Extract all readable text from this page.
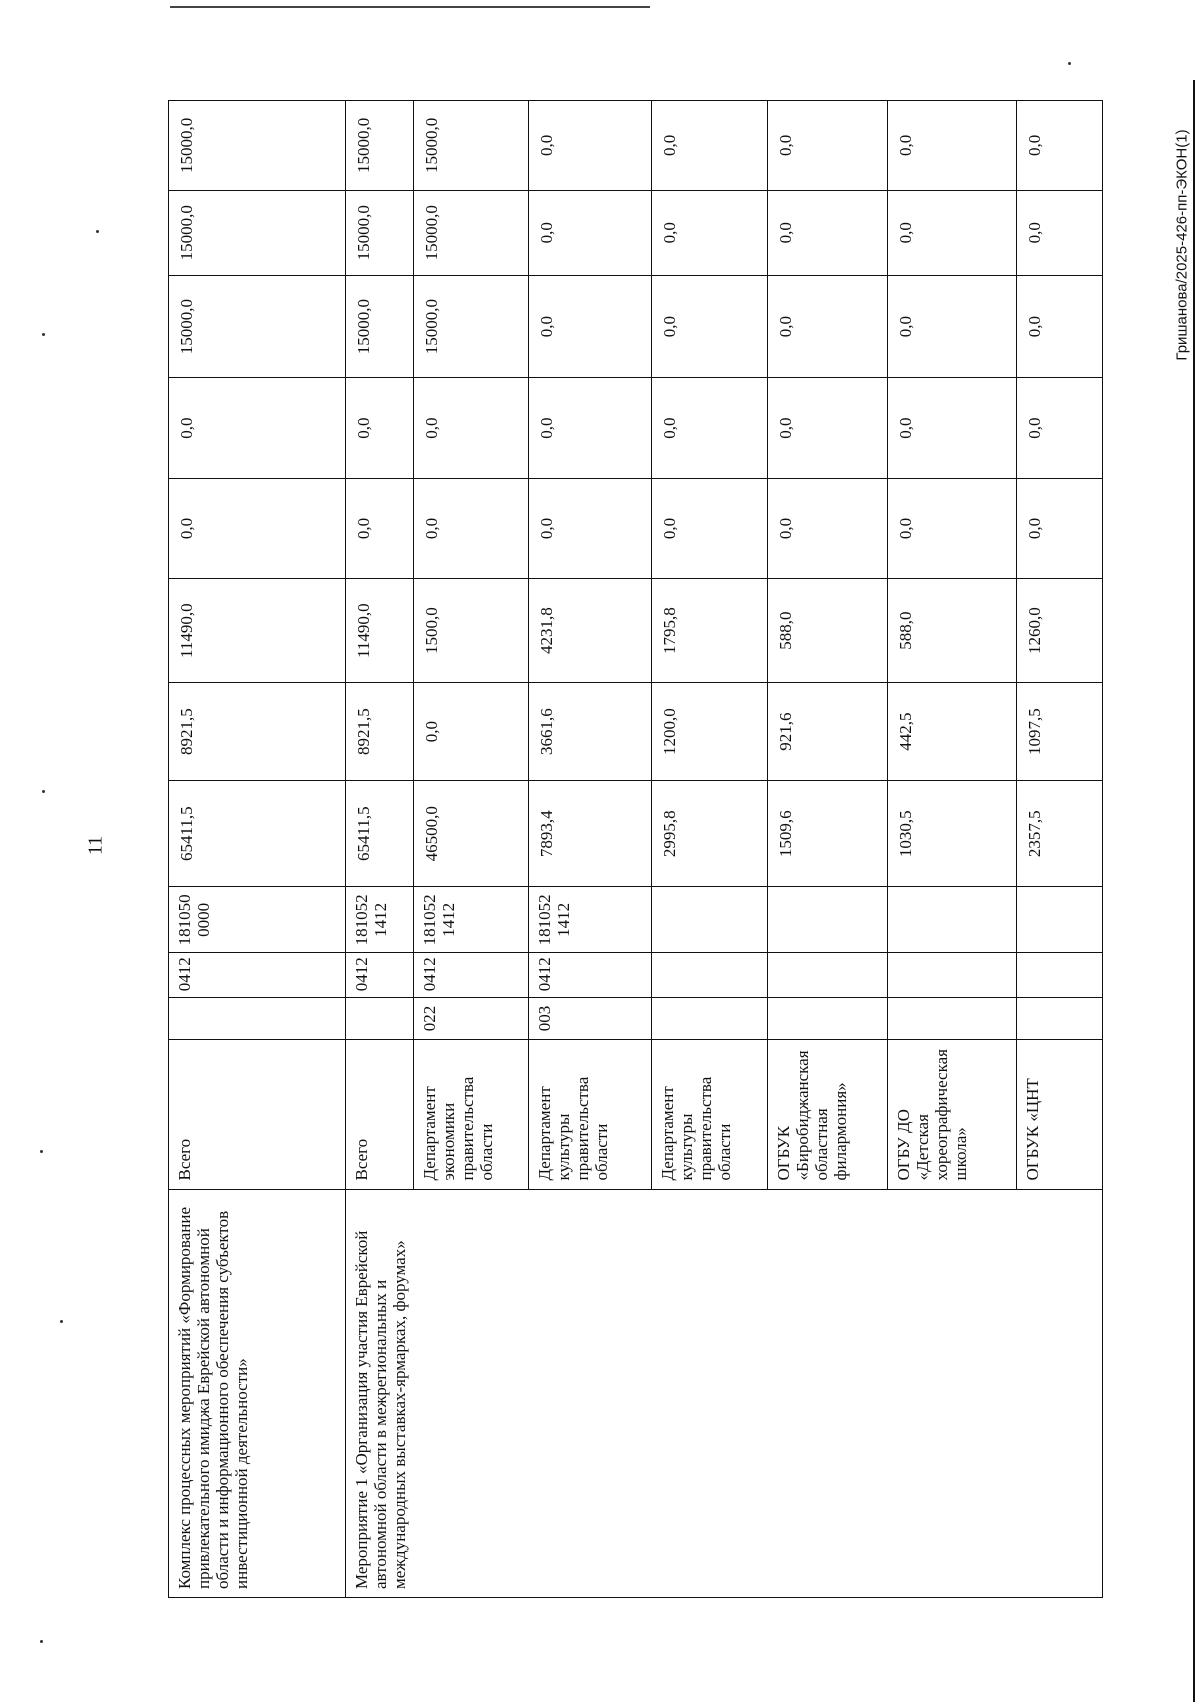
11
Гришанова/2025-426-пп-ЭКОН(1)
Комплекс процессных мероприятий «Формирование привлекательного имиджа Еврейской автономной области и информационного обеспечения субъектов инвестиционной деятельности»	Всего		0412	1810500000	65411,5	8921,5	11490,0	0,0	0,0	15000,0	15000,0	15000,0
Мероприятие 1 «Организация участия Еврейской автономной области в межрегиональных и международных выставках-ярмарках, форумах»	Всего		0412	1810521412	65411,5	8921,5	11490,0	0,0	0,0	15000,0	15000,0	15000,0
	Департамент экономики правительства области	022	0412	1810521412	46500,0	0,0	1500,0	0,0	0,0	15000,0	15000,0	15000,0
	Департамент культуры правительства области	003	0412	1810521412	7893,4	3661,6	4231,8	0,0	0,0	0,0	0,0	0,0
	Департамент культуры правительства области				2995,8	1200,0	1795,8	0,0	0,0	0,0	0,0	0,0
	ОГБУК «Биробиджанская областная филармония»				1509,6	921,6	588,0	0,0	0,0	0,0	0,0	0,0
	ОГБУ ДО «Детская хореографическая школа»				1030,5	442,5	588,0	0,0	0,0	0,0	0,0	0,0
	ОГБУК «ЦНТ				2357,5	1097,5	1260,0	0,0	0,0	0,0	0,0	0,0
